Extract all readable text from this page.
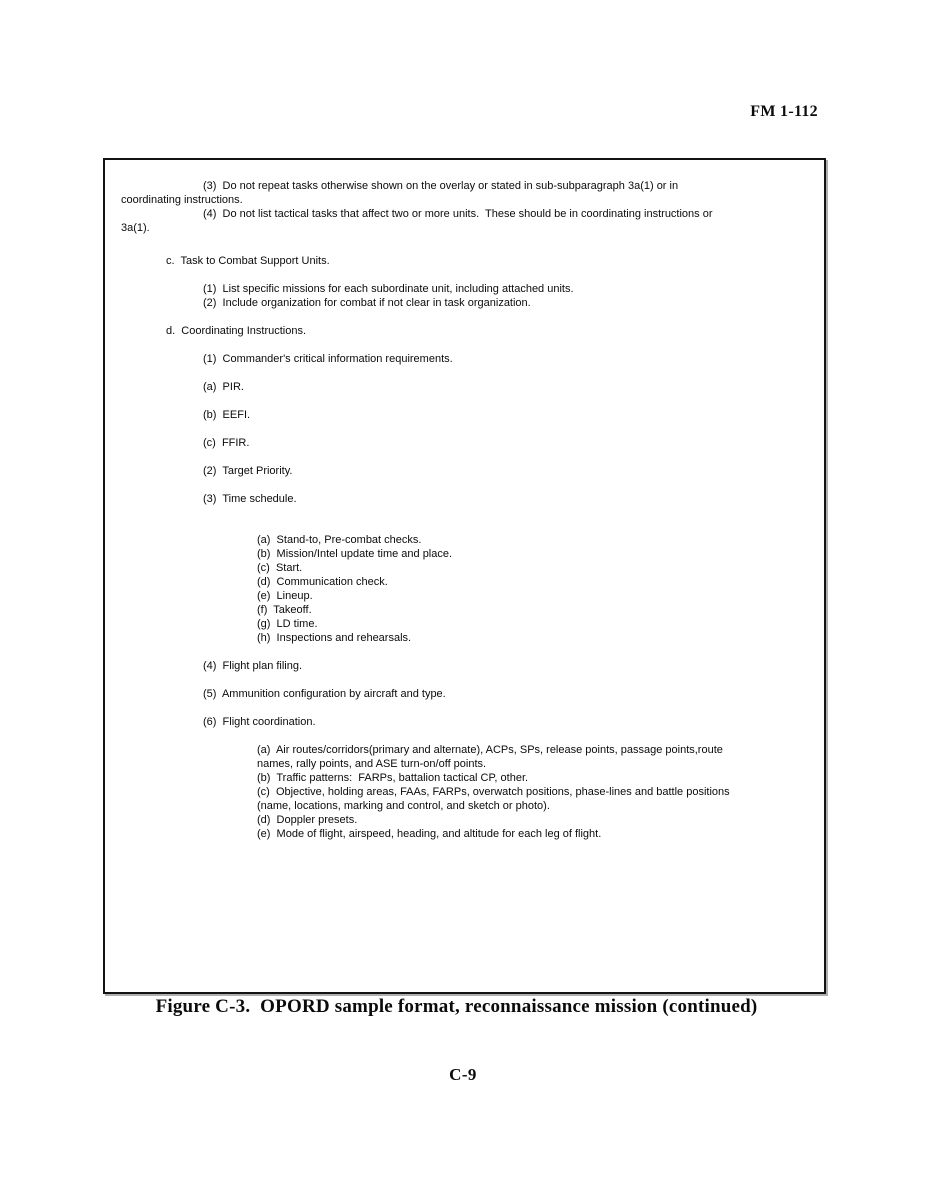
FM 1-112
(3)  Do not repeat tasks otherwise shown on the overlay or stated in sub-subparagraph 3a(1) or in
coordinating instructions.
(4)  Do not list tactical tasks that affect two or more units.  These should be in coordinating instructions or
3a(1).
c.  Task to Combat Support Units.
(1)  List specific missions for each subordinate unit, including attached units.
(2)  Include organization for combat if not clear in task organization.
d.  Coordinating Instructions.
(1)  Commander's critical information requirements.
(a)  PIR.
(b)  EEFI.
(c)  FFIR.
(2)  Target Priority.
(3)  Time schedule.
(a)  Stand-to, Pre-combat checks.
(b)  Mission/Intel update time and place.
(c)  Start.
(d)  Communication check.
(e)  Lineup.
(f)  Takeoff.
(g)  LD time.
(h)  Inspections and rehearsals.
(4)  Flight plan filing.
(5)  Ammunition configuration by aircraft and type.
(6)  Flight coordination.
(a)  Air routes/corridors(primary and alternate), ACPs, SPs, release points, passage points,route
names, rally points, and ASE turn-on/off points.
(b)  Traffic patterns:  FARPs, battalion tactical CP, other.
(c)  Objective, holding areas, FAAs, FARPs, overwatch positions, phase-lines and battle positions
(name, locations, marking and control, and sketch or photo).
(d)  Doppler presets.
(e)  Mode of flight, airspeed, heading, and altitude for each leg of flight.
Figure C-3.  OPORD sample format, reconnaissance mission (continued)
C-9
